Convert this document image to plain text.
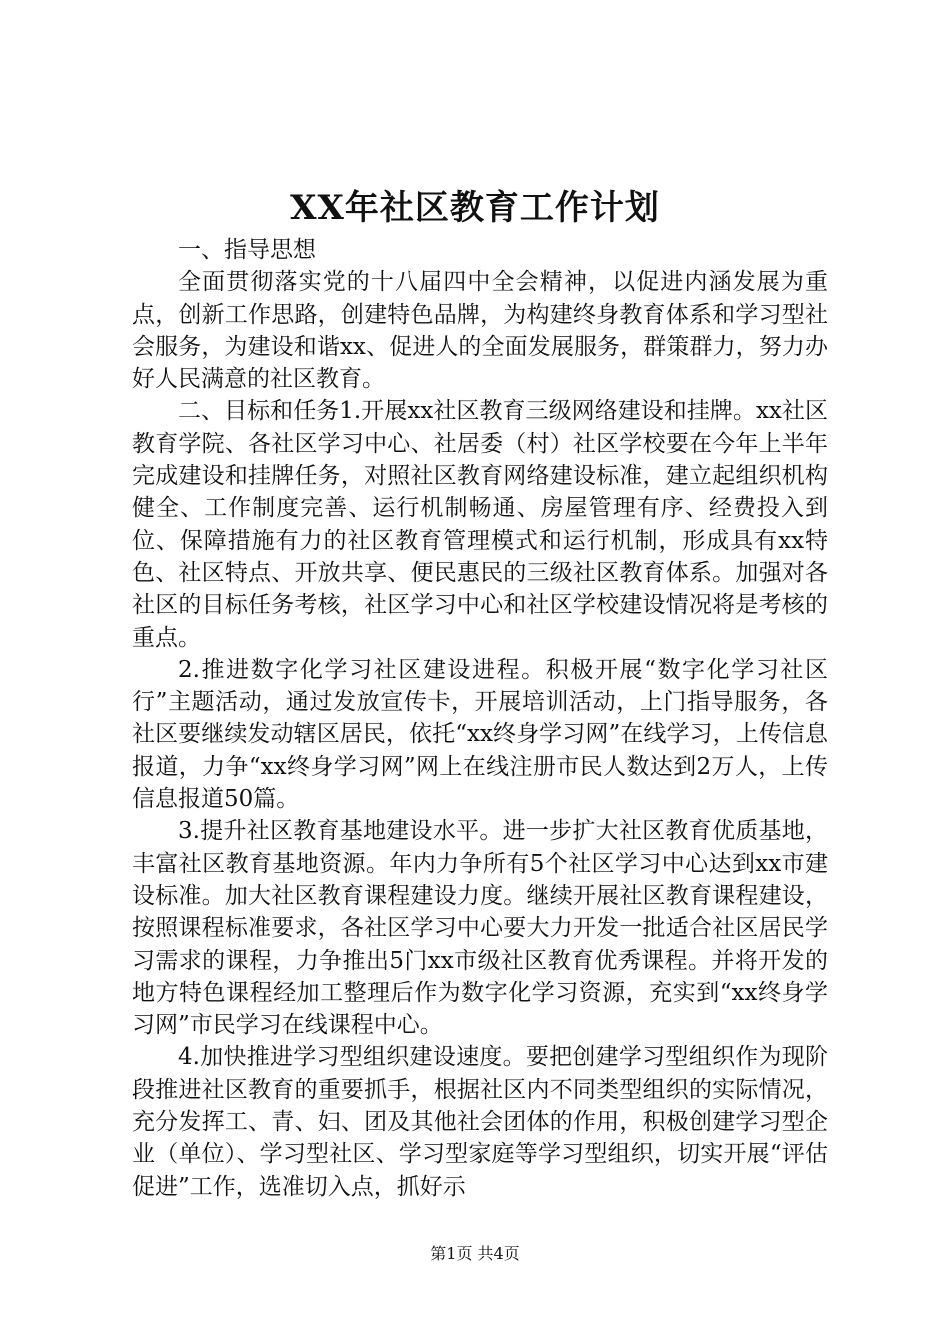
XX年社区教育工作计划

一、指导思想

全面贯彻落实党的十八届四中全会精神，以促进内涵发展为重点，创新工作思路，创建特色品牌，为构建终身教育体系和学习型社会服务，为建设和谐xx、促进人的全面发展服务，群策群力，努力办好人民满意的社区教育。

二、目标和任务1.开展xx社区教育三级网络建设和挂牌。xx社区教育学院、各社区学习中心、社居委（村）社区学校要在今年上半年完成建设和挂牌任务，对照社区教育网络建设标准，建立起组织机构健全、工作制度完善、运行机制畅通、房屋管理有序、经费投入到位、保障措施有力的社区教育管理模式和运行机制，形成具有xx特色、社区特点、开放共享、便民惠民的三级社区教育体系。加强对各社区的目标任务考核，社区学习中心和社区学校建设情况将是考核的重点。

2.推进数字化学习社区建设进程。积极开展“数字化学习社区行”主题活动，通过发放宣传卡，开展培训活动，上门指导服务，各社区要继续发动辖区居民，依托“xx终身学习网”在线学习，上传信息报道，力争“xx终身学习网”网上在线注册市民人数达到2万人，上传信息报道50篇。

3.提升社区教育基地建设水平。进一步扩大社区教育优质基地，丰富社区教育基地资源。年内力争所有5个社区学习中心达到xx市建设标准。加大社区教育课程建设力度。继续开展社区教育课程建设，按照课程标准要求，各社区学习中心要大力开发一批适合社区居民学习需求的课程，力争推出5门xx市级社区教育优秀课程。并将开发的地方特色课程经加工整理后作为数字化学习资源，充实到“xx终身学习网”市民学习在线课程中心。

4.加快推进学习型组织建设速度。要把创建学习型组织作为现阶段推进社区教育的重要抓手，根据社区内不同类型组织的实际情况，充分发挥工、青、妇、团及其他社会团体的作用，积极创建学习型企业（单位）、学习型社区、学习型家庭等学习型组织，切实开展“评估促进”工作，选准切入点，抓好示

第1页 共4页
